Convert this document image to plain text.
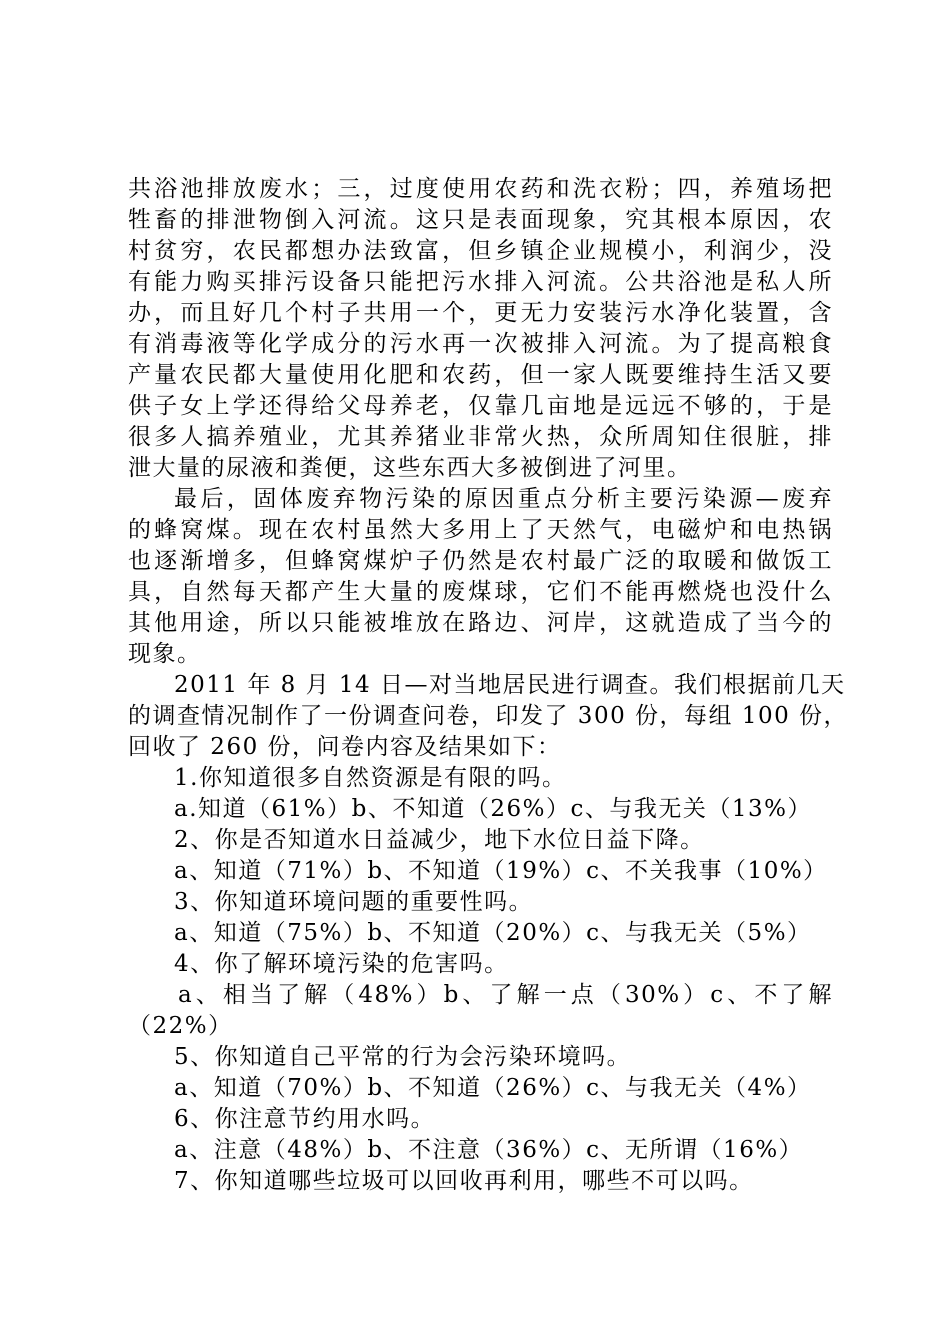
共浴池排放废水；三，过度使用农药和洗衣粉；四，养殖场把
牲畜的排泄物倒入河流。这只是表面现象，究其根本原因，农
村贫穷，农民都想办法致富，但乡镇企业规模小，利润少，没
有能力购买排污设备只能把污水排入河流。公共浴池是私人所
办，而且好几个村子共用一个，更无力安装污水净化装置，含
有消毒液等化学成分的污水再一次被排入河流。为了提高粮食
产量农民都大量使用化肥和农药，但一家人既要维持生活又要
供子女上学还得给父母养老，仅靠几亩地是远远不够的，于是
很多人搞养殖业，尤其养猪业非常火热，众所周知住很脏，排
泄大量的尿液和粪便，这些东西大多被倒进了河里。
最后，固体废弃物污染的原因重点分析主要污染源—废弃
的蜂窝煤。现在农村虽然大多用上了天然气，电磁炉和电热锅
也逐渐增多，但蜂窝煤炉子仍然是农村最广泛的取暖和做饭工
具，自然每天都产生大量的废煤球，它们不能再燃烧也没什么
其他用途，所以只能被堆放在路边、河岸，这就造成了当今的
现象。
2011 年 8 月 14 日—对当地居民进行调查。我们根据前几天
的调查情况制作了一份调查问卷，印发了 300 份，每组 100 份，
回收了 260 份，问卷内容及结果如下：
1.你知道很多自然资源是有限的吗。
a.知道（61%）b、不知道（26%）c、与我无关（13%）
2、你是否知道水日益减少，地下水位日益下降。
a、知道（71%）b、不知道（19%）c、不关我事（10%）
3、你知道环境问题的重要性吗。
a、知道（75%）b、不知道（20%）c、与我无关（5%）
4、你了解环境污染的危害吗。
a、相当了解（48%）b、了解一点（30%）c、不了解
（22%）
5、你知道自己平常的行为会污染环境吗。
a、知道（70%）b、不知道（26%）c、与我无关（4%）
6、你注意节约用水吗。
a、注意（48%）b、不注意（36%）c、无所谓（16%）
7、你知道哪些垃圾可以回收再利用，哪些不可以吗。
